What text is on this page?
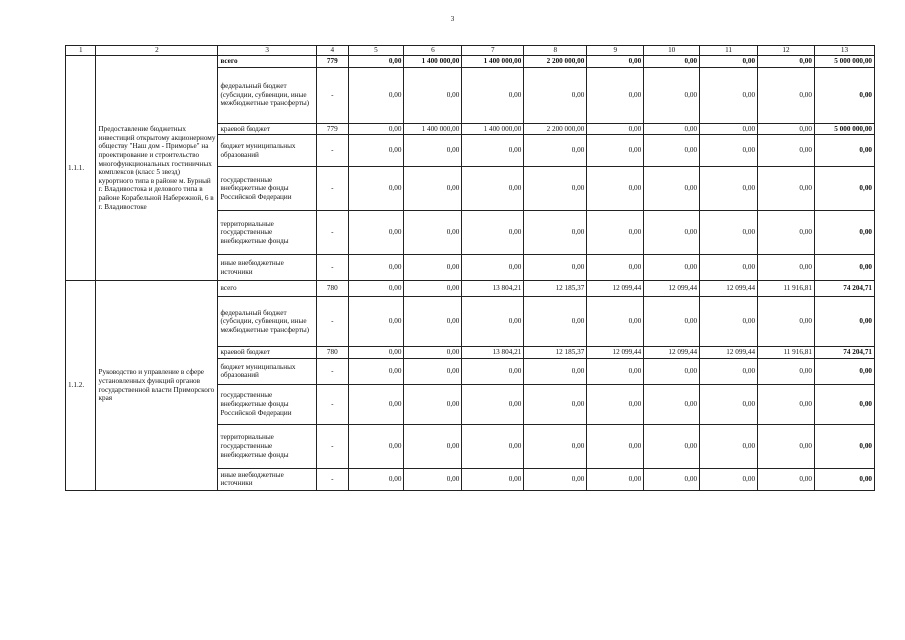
3
1	2	3	4	5	6	7	8	9	10	11	12	13
1.1.1.	Предоставление бюджетных инвестиций открытому акционерному обществу "Наш дом - Приморье" на проектирование и строительство многофункциональных гостиничных комплексов (класс 5 звезд) курортного типа в районе м. Бурный г. Владивостока и делового типа в районе Корабельной Набережной, 6 в г. Владивостоке	всего	779	0,00	1 400 000,00	1 400 000,00	2 200 000,00	0,00	0,00	0,00	0,00	5 000 000,00
		федеральный бюджет (субсидии, субвенции, иные межбюджетные трансферты)	-	0,00	0,00	0,00	0,00	0,00	0,00	0,00	0,00	0,00
		краевой бюджет	779	0,00	1 400 000,00	1 400 000,00	2 200 000,00	0,00	0,00	0,00	0,00	5 000 000,00
		бюджет муниципальных образований	-	0,00	0,00	0,00	0,00	0,00	0,00	0,00	0,00	0,00
		государственные внебюджетные фонды Российской Федерации	-	0,00	0,00	0,00	0,00	0,00	0,00	0,00	0,00	0,00
		территориальные государственные внебюджетные фонды	-	0,00	0,00	0,00	0,00	0,00	0,00	0,00	0,00	0,00
		иные внебюджетные источники	-	0,00	0,00	0,00	0,00	0,00	0,00	0,00	0,00	0,00
1.1.2.	Руководство и управление в сфере установленных функций органов государственной власти Приморского края	всего	780	0,00	0,00	13 804,21	12 185,37	12 099,44	12 099,44	12 099,44	11 916,81	74 204,71
		федеральный бюджет (субсидии, субвенции, иные межбюджетные трансферты)	-	0,00	0,00	0,00	0,00	0,00	0,00	0,00	0,00	0,00
		краевой бюджет	780	0,00	0,00	13 804,21	12 185,37	12 099,44	12 099,44	12 099,44	11 916,81	74 204,71
		бюджет муниципальных образований	-	0,00	0,00	0,00	0,00	0,00	0,00	0,00	0,00	0,00
		государственные внебюджетные фонды Российской Федерации	-	0,00	0,00	0,00	0,00	0,00	0,00	0,00	0,00	0,00
		территориальные государственные внебюджетные фонды	-	0,00	0,00	0,00	0,00	0,00	0,00	0,00	0,00	0,00
		иные внебюджетные источники	-	0,00	0,00	0,00	0,00	0,00	0,00	0,00	0,00	0,00
